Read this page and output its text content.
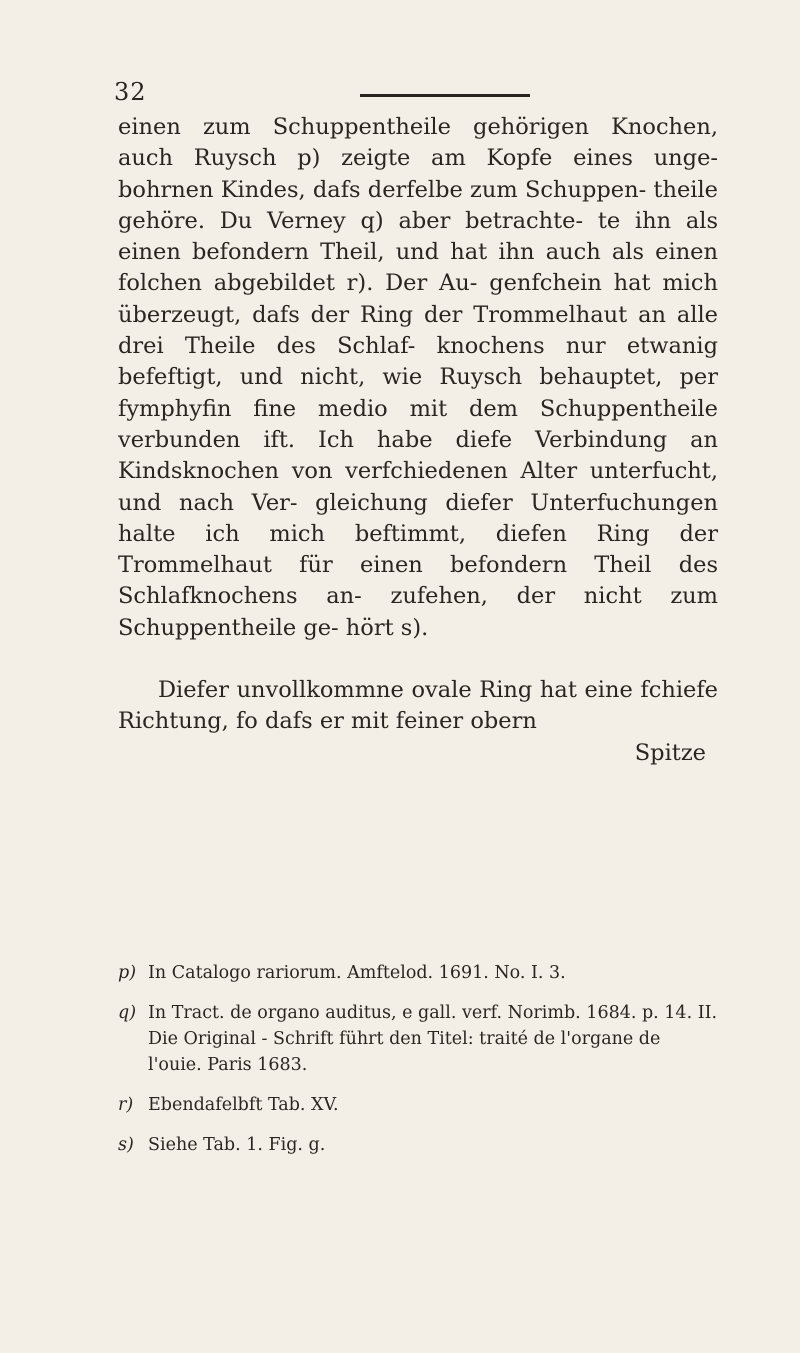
32

einen zum Schuppentheile gehörigen Knochen, auch Ruysch p) zeigte am Kopfe eines unge- bohrnen Kindes, dafs derfelbe zum Schuppen- theile gehöre. Du Verney q) aber betrachte- te ihn als einen befondern Theil, und hat ihn auch als einen folchen abgebildet r). Der Au- genfchein hat mich überzeugt, dafs der Ring der Trommelhaut an alle drei Theile des Schlaf- knochens nur etwanig befeftigt, und nicht, wie Ruysch behauptet, per fymphyfin fine medio mit dem Schuppentheile verbunden ift. Ich habe diefe Verbindung an Kindsknochen von verfchiedenen Alter unterfucht, und nach Ver- gleichung diefer Unterfuchungen halte ich mich beftimmt, diefen Ring der Trommelhaut für einen befondern Theil des Schlafknochens an- zufehen, der nicht zum Schuppentheile ge- hört s).

Diefer unvollkommne ovale Ring hat eine fchiefe Richtung, fo dafs er mit feiner obern
Spitze

p) In Catalogo rariorum. Amftelod. 1691. No. I. 3.

q) In Tract. de organo auditus, e gall. verf. Norimb. 1684. p. 14. II. Die Original - Schrift führt den Titel: traité de l'organe de l'ouie. Paris 1683.

r) Ebendafelbft Tab. XV.

s) Siehe Tab. 1. Fig. g.
